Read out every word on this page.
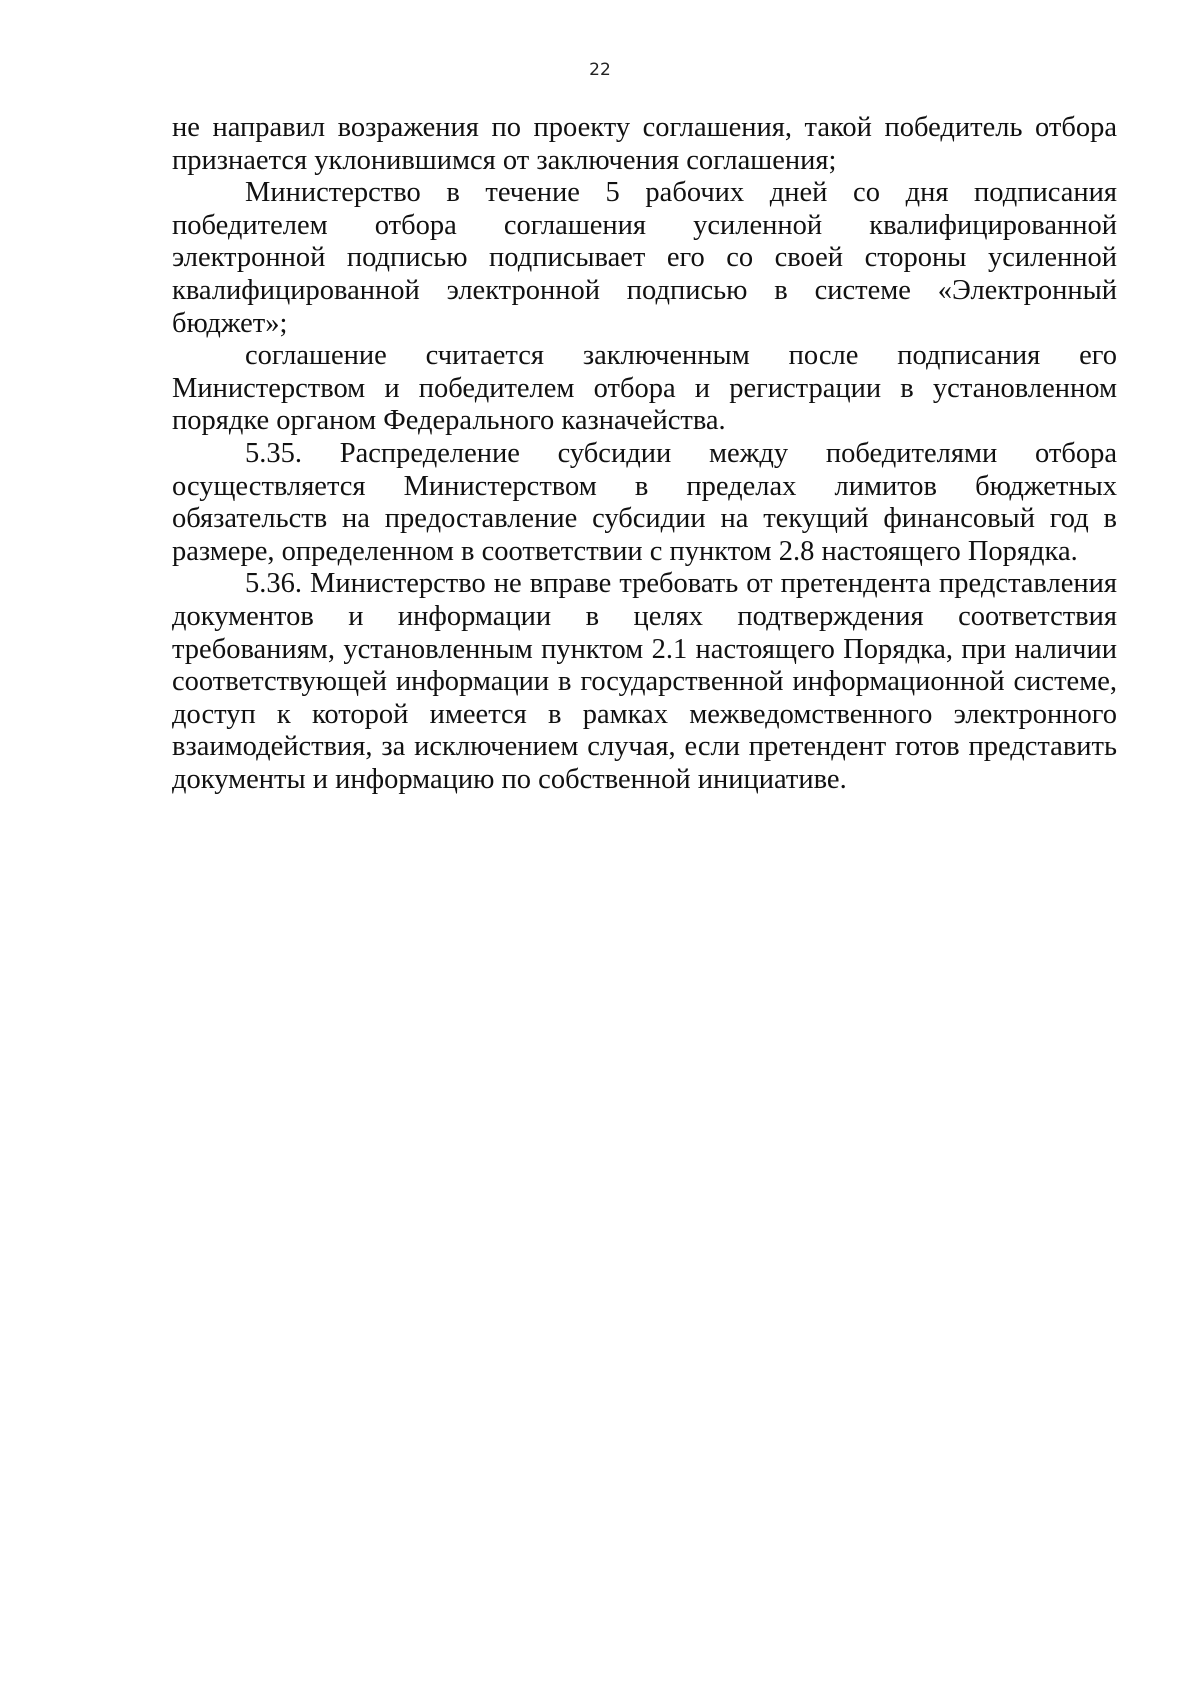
22

не направил возражения по проекту соглашения, такой победитель отбора признается уклонившимся от заключения соглашения;

Министерство в течение 5 рабочих дней со дня подписания победителем отбора соглашения усиленной квалифицированной электронной подписью подписывает его со своей стороны усиленной квалифицированной электронной подписью в системе «Электронный бюджет»;

соглашение считается заключенным после подписания его Министерством и победителем отбора и регистрации в установленном порядке органом Федерального казначейства.

5.35. Распределение субсидии между победителями отбора осуществляется Министерством в пределах лимитов бюджетных обязательств на предоставление субсидии на текущий финансовый год в размере, определенном в соответствии с пунктом 2.8 настоящего Порядка.

5.36. Министерство не вправе требовать от претендента представления документов и информации в целях подтверждения соответствия требованиям, установленным пунктом 2.1 настоящего Порядка, при наличии соответствующей информации в государственной информационной системе, доступ к которой имеется в рамках межведомственного электронного взаимодействия, за исключением случая, если претендент готов представить документы и информацию по собственной инициативе.
